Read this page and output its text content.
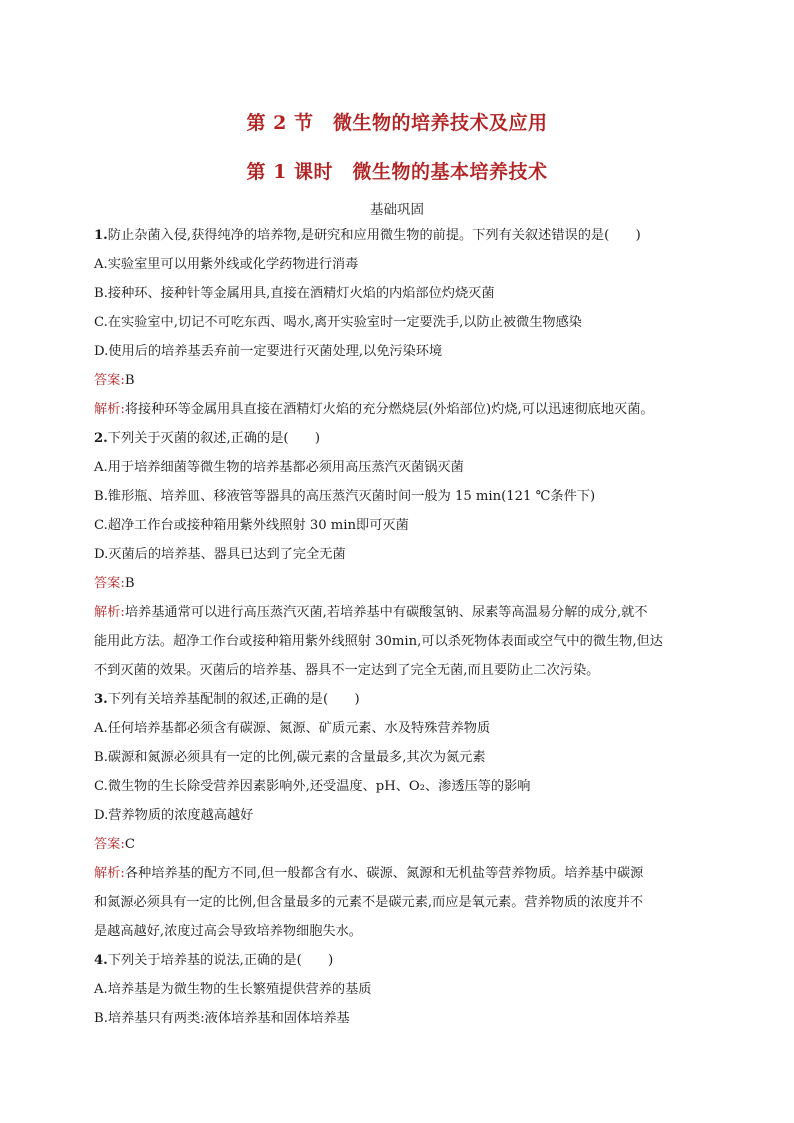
第 2 节　微生物的培养技术及应用
第 1 课时　微生物的基本培养技术
基础巩固
1.防止杂菌入侵,获得纯净的培养物,是研究和应用微生物的前提。下列有关叙述错误的是(　　)
A.实验室里可以用紫外线或化学药物进行消毒
B.接种环、接种针等金属用具,直接在酒精灯火焰的内焰部位灼烧灭菌
C.在实验室中,切记不可吃东西、喝水,离开实验室时一定要洗手,以防止被微生物感染
D.使用后的培养基丢弃前一定要进行灭菌处理,以免污染环境
答案:B
解析:将接种环等金属用具直接在酒精灯火焰的充分燃烧层(外焰部位)灼烧,可以迅速彻底地灭菌。
2.下列关于灭菌的叙述,正确的是(　　)
A.用于培养细菌等微生物的培养基都必须用高压蒸汽灭菌锅灭菌
B.锥形瓶、培养皿、移液管等器具的高压蒸汽灭菌时间一般为 15 min(121 ℃条件下)
C.超净工作台或接种箱用紫外线照射 30 min即可灭菌
D.灭菌后的培养基、器具已达到了完全无菌
答案:B
解析:培养基通常可以进行高压蒸汽灭菌,若培养基中有碳酸氢钠、尿素等高温易分解的成分,就不
能用此方法。超净工作台或接种箱用紫外线照射 30min,可以杀死物体表面或空气中的微生物,但达
不到灭菌的效果。灭菌后的培养基、器具不一定达到了完全无菌,而且要防止二次污染。
3.下列有关培养基配制的叙述,正确的是(　　)
A.任何培养基都必须含有碳源、氮源、矿质元素、水及特殊营养物质
B.碳源和氮源必须具有一定的比例,碳元素的含量最多,其次为氮元素
C.微生物的生长除受营养因素影响外,还受温度、pH、O₂、渗透压等的影响
D.营养物质的浓度越高越好
答案:C
解析:各种培养基的配方不同,但一般都含有水、碳源、氮源和无机盐等营养物质。培养基中碳源
和氮源必须具有一定的比例,但含量最多的元素不是碳元素,而应是氧元素。营养物质的浓度并不
是越高越好,浓度过高会导致培养物细胞失水。
4.下列关于培养基的说法,正确的是(　　)
A.培养基是为微生物的生长繁殖提供营养的基质
B.培养基只有两类:液体培养基和固体培养基
